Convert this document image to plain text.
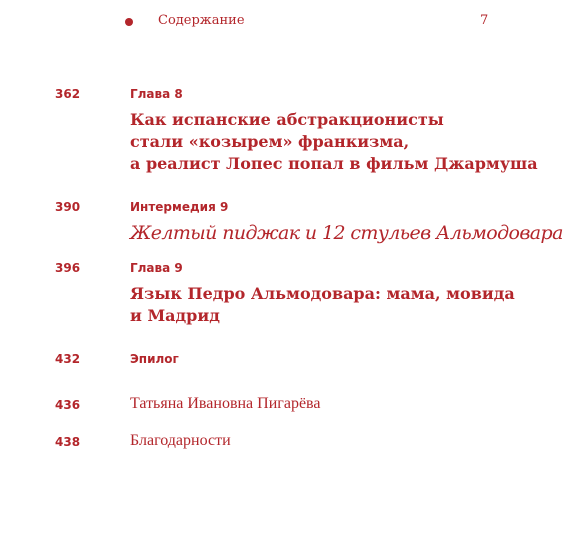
Содержание	7
362	Глава 8
Как испанские абстракционисты
стали «козырем» франкизма,
а реалист Лопес попал в фильм Джармуша
390	Интермедия 9
Желтый пиджак и 12 стульев Альмодовара
396	Глава 9
Язык Педро Альмодовара: мама, мовида
и Мадрид
432	Эпилог
436	Татьяна Ивановна Пигарёва
438	Благодарности
